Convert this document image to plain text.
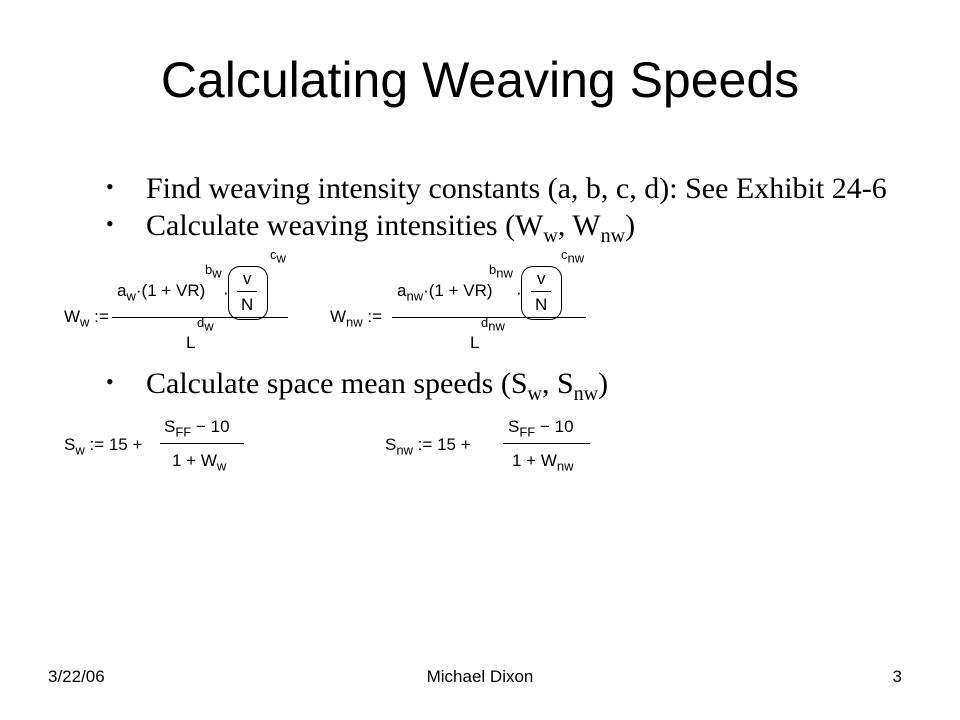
Calculating Weaving Speeds
• Find weaving intensity constants (a, b, c, d): See Exhibit 24-6
• Calculate weaving intensities ($W_w$, $W_{nw}$)
$W_w$ :=
$a_w\cdot(1 + VR)$
$^{b_w}$
·
v
N
$^{c_w}$
L
$^{d_w}$
$W_{nw}$ :=
$a_{nw}\cdot(1 + VR)$
$^{b_{nw}}$
·
v
N
$^{c_{nw}}$
L
$^{d_{nw}}$
• Calculate space mean speeds ($S_w$, $S_{nw}$)
$S_w$ := 15 +
$S_{FF} - 10$
$1 + W_w$
$S_{nw}$ := 15 +
$S_{FF} - 10$
$1 + W_{nw}$
3/22/06	Michael Dixon	3
